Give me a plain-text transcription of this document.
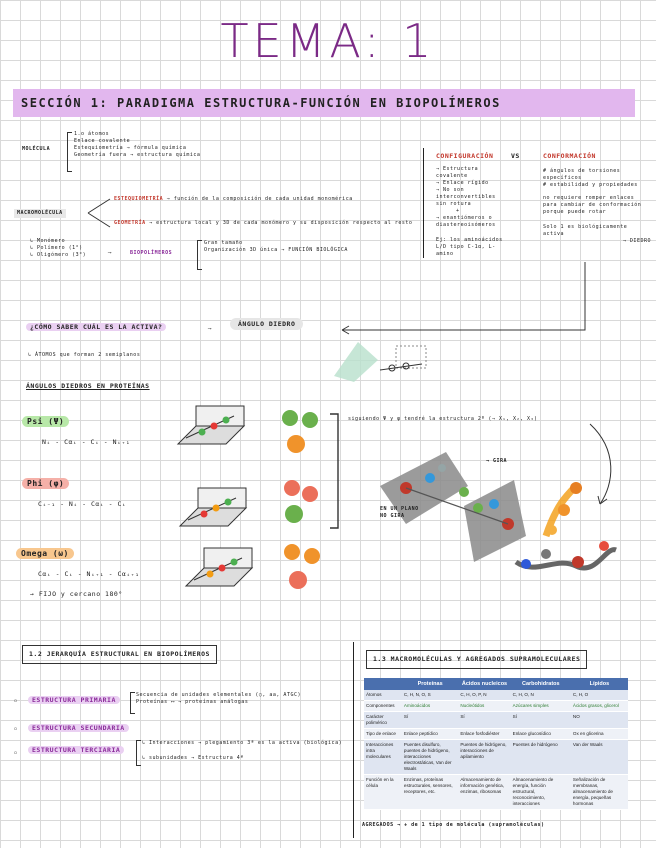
TEMA: 1
SECCIÓN 1: PARADIGMA ESTRUCTURA-FUNCIÓN EN BIOPOLÍMEROS
MOLÉCULA
1.o átomos
Enlace covalente
Estequiometría → fórmula química
Geometría fuera → estructura química
MACROMOLÉCULA
ESTEQUIOMETRÍA → función de la composición de cada unidad monomérica
GEOMETRÍA → estructura local y 3D de cada monómero y su disposición respecto al resto
↳ Monómero
↳ Polímero (1°)
↳ Oligómero (3°)	⟶	BIOPOLÍMEROS
Gran tamaño
Organización 3D única → FUNCIÓN BIOLÓGICA
CONFIGURACIÓN	VS	CONFORMACIÓN
→ Estructura covalente
→ Enlace rígido
→ No son interconvertibles sin rotura
+
→ enantiómeros o diastereoisómeros
Ej: los aminoácidos L/D tipo C-1α, L-amino
# ángulos de torsiones específicos
# estabilidad y propiedades
no requiere romper enlaces para cambiar de conformación porque puede rotar
Solo 1 es biológicamente activa
→ DIEDRO
¿CÓMO SABER CUÁL ES LA ACTIVA?	⟶
ÁNGULO DIEDRO
↳ ÁTOMOS que forman 2 semiplanos
ÁNGULOS DIEDROS EN PROTEÍNAS
Psi (Ψ)
Nᵢ - Cαᵢ - Cᵢ - Nᵢ₊₁
Phi (φ)
Cᵢ₋₁ - Nᵢ - Cαᵢ - Cᵢ
Omega (ω)
Cαᵢ - Cᵢ - Nᵢ₊₁ - Cαᵢ₊₁
→ FIJO y cercano 180°
siguiendo Ψ y φ tendré la estructura 2º (→ X₁, X₂, X₃)
→ GIRA
EN UN PLANO NO GIRA
1.2 JERARQUÍA ESTRUCTURAL EN BIOPOLÍMEROS
▫	ESTRUCTURA PRIMARIA
Secuencia de unidades elementales (◯, aa, ATGC)
Proteínas ⟷ → proteínas análogas
▫	ESTRUCTURA SECUNDARIA
▫	ESTRUCTURA TERCIARIA
↳ Interacciones → plegamiento 3ª es la activa (biológica)
↳ subunidades → Estructura 4ª
1.3 MACROMOLÉCULAS Y AGREGADOS SUPRAMOLECULARES
	Proteínas	Ácidos nucleicos	Carbohidratos	Lípidos
Átomos	C, H, N, O, S	C, H, O, P, N	C, H, O, N	C, H, O
Componentes	Aminoácidos	Nucleótidos	Azúcares simples	Ácidos grasos, glicerol
Carácter polimérico	Sí	Sí	Sí	NO
Tipo de enlace	Enlace peptídico	Enlace fosfodiéster	Enlace glucosídico	Ox en glicerina
Interacciones intra moleculares	Puentes disulfuro, puentes de hidrógeno, interacciones electrostáticas, Van der Waals	Puentes de hidrógeno, interacciones de apilamiento	Puentes de hidrógeno	Van der Waals
Función en la célula	Enzimas, proteínas estructurales, sensores, receptores, etc.	Almacenamiento de información genética, enzimas, ribosomas	Almacenamiento de energía, función estructural, reconocimiento, interacciones	Señalización de membranas, almacenamiento de energía, pequeñas hormonas
AGREGADOS → + de 1 tipo de molécula (supramoléculas)
